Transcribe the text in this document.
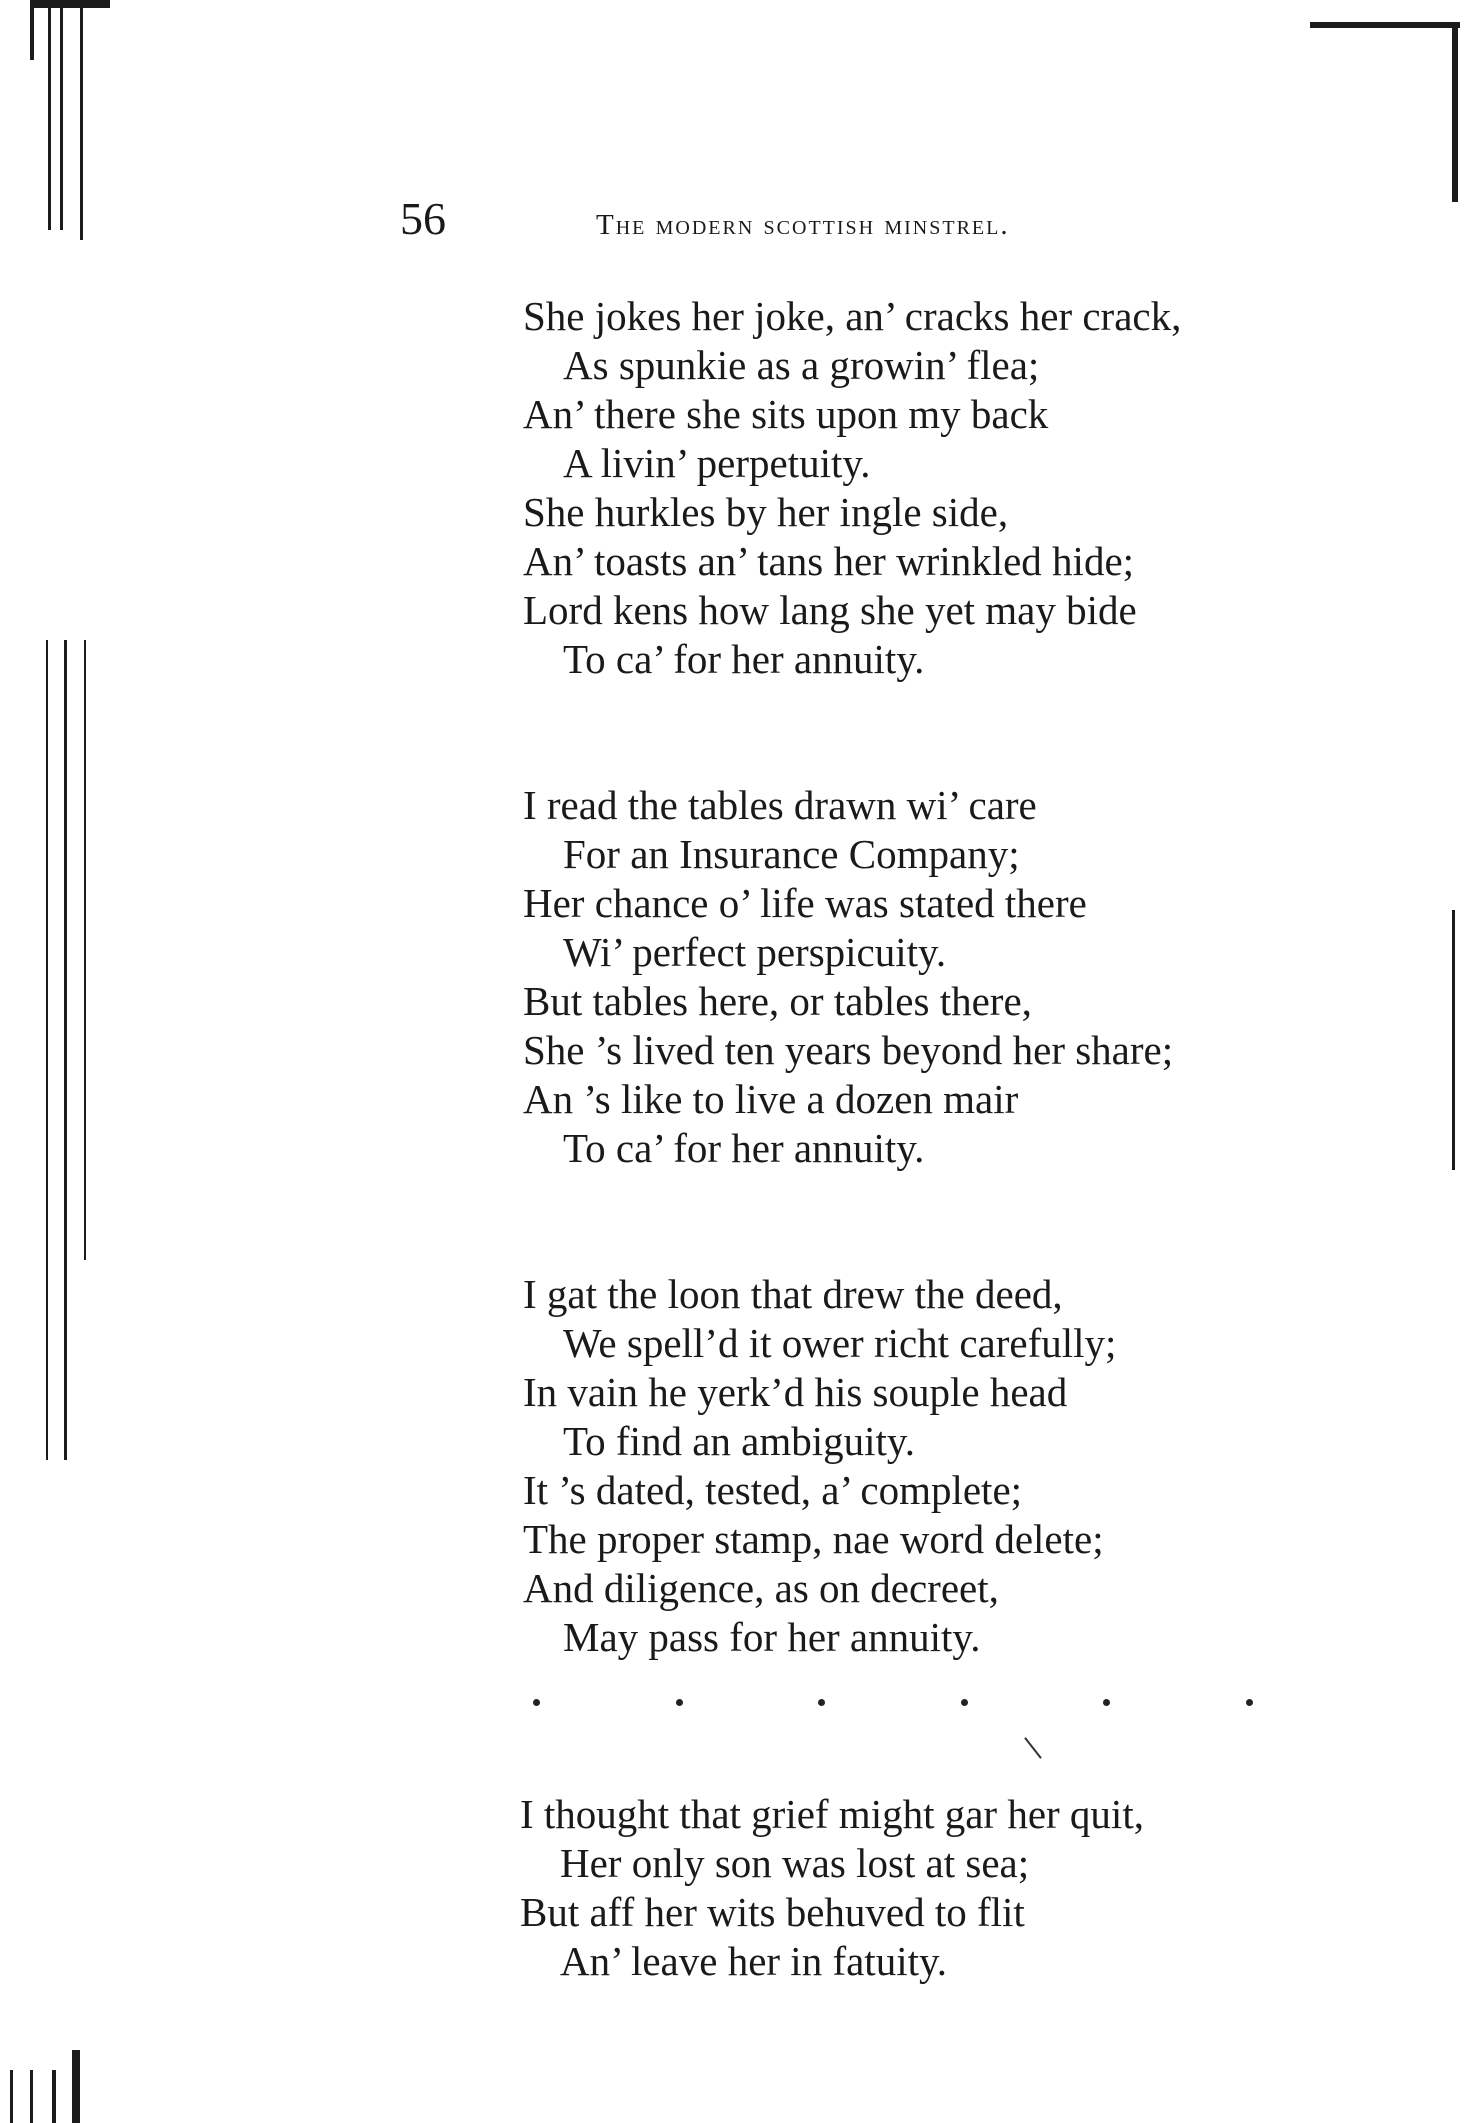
56	the modern scottish minstrel.
She jokes her joke, an’ cracks her crack,
As spunkie as a growin’ flea;
An’ there she sits upon my back
A livin’ perpetuity.
She hurkles by her ingle side,
An’ toasts an’ tans her wrinkled hide;
Lord kens how lang she yet may bide
To ca’ for her annuity.
I read the tables drawn wi’ care
For an Insurance Company;
Her chance o’ life was stated there
Wi’ perfect perspicuity.
But tables here, or tables there,
She ’s lived ten years beyond her share;
An ’s like to live a dozen mair
To ca’ for her annuity.
I gat the loon that drew the deed,
We spell’d it ower richt carefully;
In vain he yerk’d his souple head
To find an ambiguity.
It ’s dated, tested, a’ complete;
The proper stamp, nae word delete;
And diligence, as on decreet,
May pass for her annuity.
I thought that grief might gar her quit,
Her only son was lost at sea;
But aff her wits behuved to flit
An’ leave her in fatuity.
